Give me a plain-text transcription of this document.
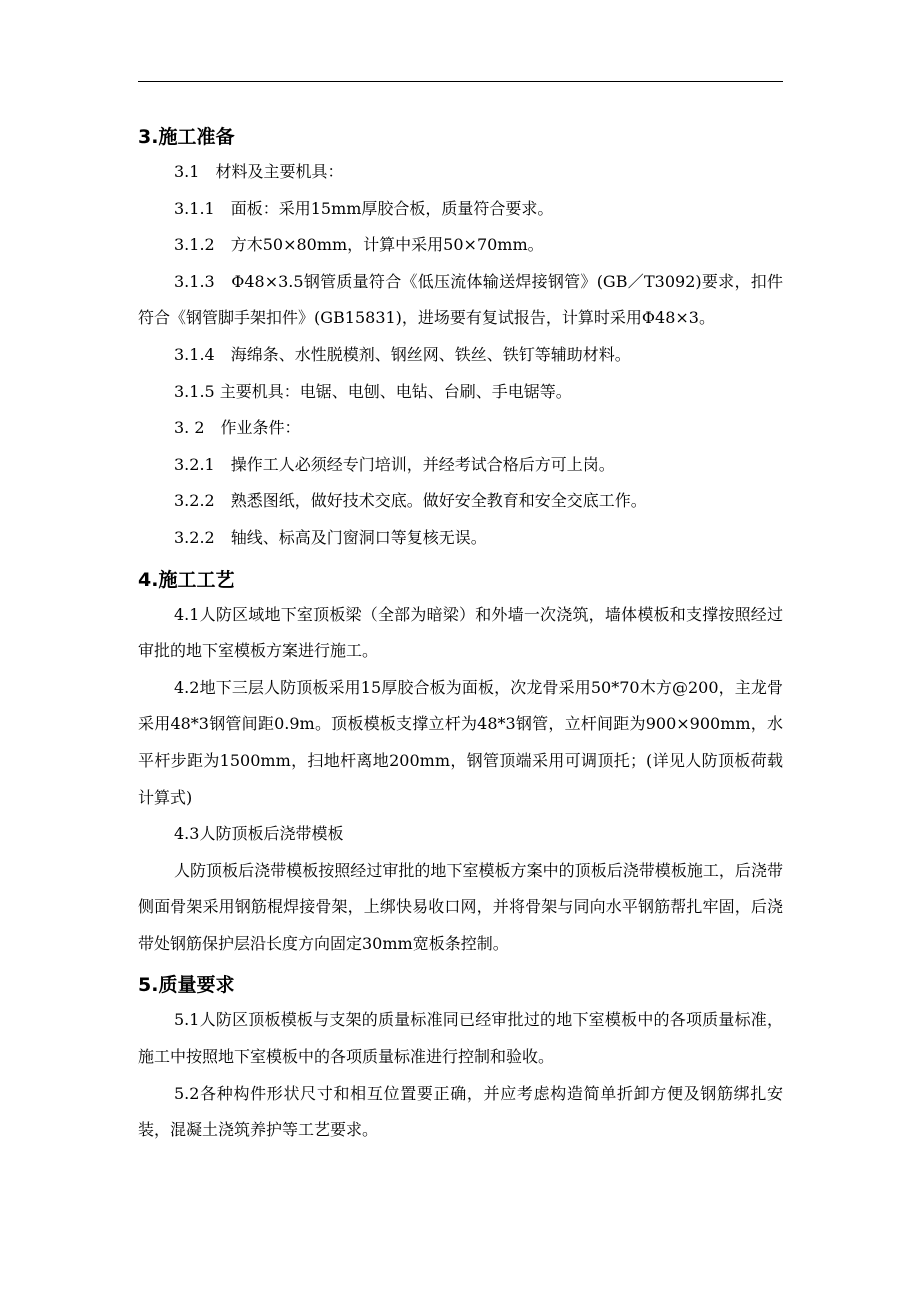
3.施工准备

3.1　材料及主要机具：

3.1.1　面板：采用15mm厚胶合板，质量符合要求。

3.1.2　方木50×80mm，计算中采用50×70mm。

3.1.3　Φ48×3.5钢管质量符合《低压流体输送焊接钢管》(GB／T3092)要求，扣件符合《钢管脚手架扣件》(GB15831)，进场要有复试报告，计算时采用Φ48×3。

3.1.4　海绵条、水性脱模剂、钢丝网、铁丝、铁钉等辅助材料。

3.1.5 主要机具：电锯、电刨、电钻、台刷、手电锯等。

3. 2　作业条件：

3.2.1　操作工人必须经专门培训，并经考试合格后方可上岗。

3.2.2　熟悉图纸，做好技术交底。做好安全教育和安全交底工作。

3.2.2　轴线、标高及门窗洞口等复核无误。

4.施工工艺

4.1人防区域地下室顶板梁（全部为暗梁）和外墙一次浇筑，墙体模板和支撑按照经过审批的地下室模板方案进行施工。

4.2地下三层人防顶板采用15厚胶合板为面板，次龙骨采用50*70木方@200，主龙骨采用48*3钢管间距0.9m。顶板模板支撑立杆为48*3钢管，立杆间距为900×900mm，水平杆步距为1500mm，扫地杆离地200mm，钢管顶端采用可调顶托；(详见人防顶板荷载计算式)

4.3人防顶板后浇带模板

人防顶板后浇带模板按照经过审批的地下室模板方案中的顶板后浇带模板施工，后浇带侧面骨架采用钢筋棍焊接骨架，上绑快易收口网，并将骨架与同向水平钢筋帮扎牢固，后浇带处钢筋保护层沿长度方向固定30mm宽板条控制。

5.质量要求

5.1人防区顶板模板与支架的质量标准同已经审批过的地下室模板中的各项质量标准，施工中按照地下室模板中的各项质量标准进行控制和验收。

5.2各种构件形状尺寸和相互位置要正确，并应考虑构造简单折卸方便及钢筋绑扎安装，混凝土浇筑养护等工艺要求。
